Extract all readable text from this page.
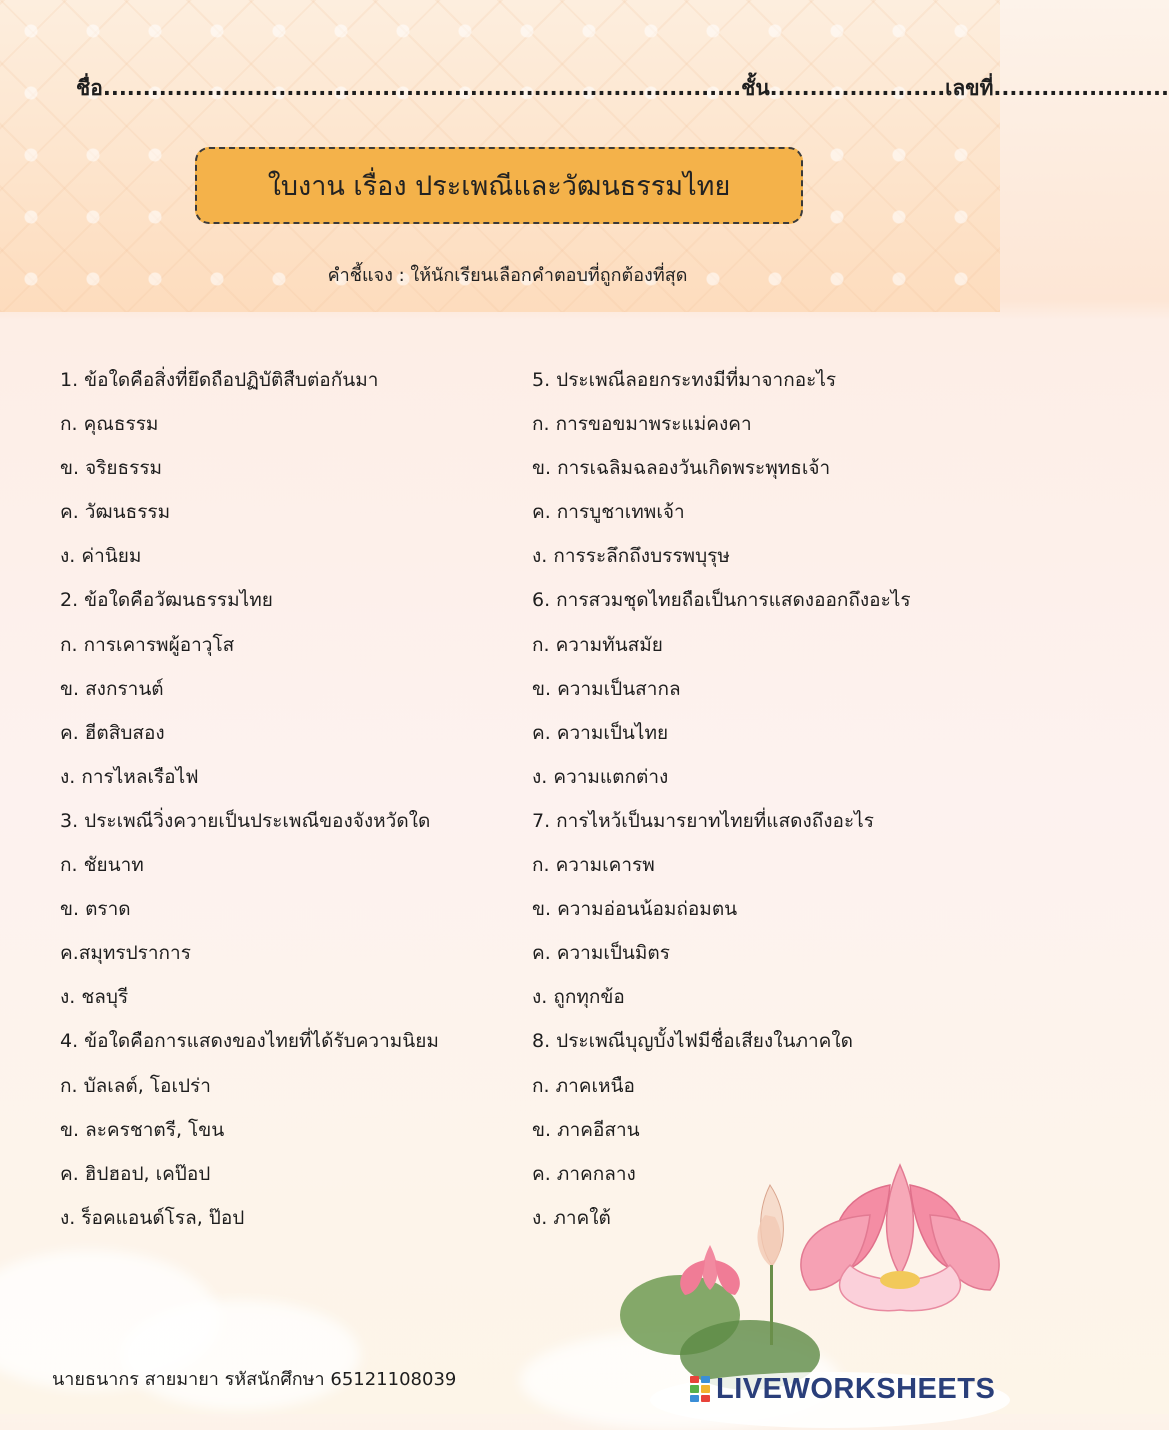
ชื่อ................................................................................ชั้น......................เลขที่......................
ใบงาน เรื่อง ประเพณีและวัฒนธรรมไทย
คำชี้แจง : ให้นักเรียนเลือกคำตอบที่ถูกต้องที่สุด
1. ข้อใดคือสิ่งที่ยึดถือปฏิบัติสืบต่อกันมา
ก. คุณธรรม
ข. จริยธรรม
ค. วัฒนธรรม
ง. ค่านิยม
2. ข้อใดคือวัฒนธรรมไทย
ก. การเคารพผู้อาวุโส
ข. สงกรานต์
ค. ฮีตสิบสอง
ง. การไหลเรือไฟ
3. ประเพณีวิ่งควายเป็นประเพณีของจังหวัดใด
ก. ชัยนาท
ข. ตราด
ค.สมุทรปราการ
ง. ชลบุรี
4. ข้อใดคือการแสดงของไทยที่ได้รับความนิยม
ก. บัลเลต์, โอเปร่า
ข. ละครชาตรี, โขน
ค. ฮิปฮอป, เคป๊อป
ง. ร็อคแอนด์โรล, ป๊อป
5. ประเพณีลอยกระทงมีที่มาจากอะไร
ก. การขอขมาพระแม่คงคา
ข. การเฉลิมฉลองวันเกิดพระพุทธเจ้า
ค. การบูชาเทพเจ้า
ง. การระลึกถึงบรรพบุรุษ
6. การสวมชุดไทยถือเป็นการแสดงออกถึงอะไร
ก. ความทันสมัย
ข. ความเป็นสากล
ค. ความเป็นไทย
ง. ความแตกต่าง
7. การไหว้เป็นมารยาทไทยที่แสดงถึงอะไร
ก. ความเคารพ
ข. ความอ่อนน้อมถ่อมตน
ค. ความเป็นมิตร
ง. ถูกทุกข้อ
8. ประเพณีบุญบั้งไฟมีชื่อเสียงในภาคใด
ก. ภาคเหนือ
ข. ภาคอีสาน
ค. ภาคกลาง
ง. ภาคใต้
นายธนากร สายมายา รหัสนักศึกษา 65121108039	LIVEWORKSHEETS
